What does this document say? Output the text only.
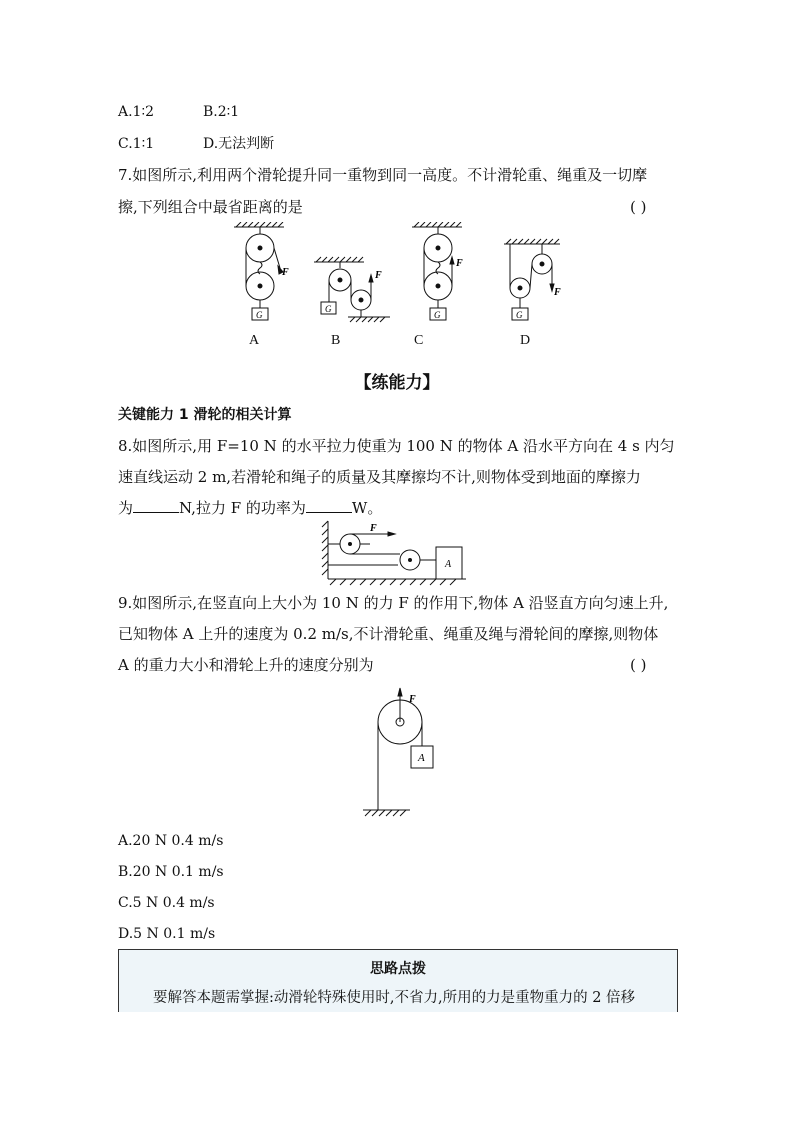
A.1∶2	B.2∶1
C.1∶1	D.无法判断
7.如图所示,利用两个滑轮提升同一重物到同一高度。不计滑轮重、绳重及一切摩
擦,下列组合中最省距离的是	( )
F
G
F
G
F
G
F
G
A	B	C	D
【练能力】
关键能力 1 滑轮的相关计算
8.如图所示,用 F=10 N 的水平拉力使重为 100 N 的物体 A 沿水平方向在 4 s 内匀
速直线运动 2 m,若滑轮和绳子的质量及其摩擦均不计,则物体受到地面的摩擦力
为	N,拉力 F 的功率为	W。
F
A
9.如图所示,在竖直向上大小为 10 N 的力 F 的作用下,物体 A 沿竖直方向匀速上升,
已知物体 A 上升的速度为 0.2 m/s,不计滑轮重、绳重及绳与滑轮间的摩擦,则物体
A 的重力大小和滑轮上升的速度分别为	( )
F
A
A.20 N 0.4 m/s
B.20 N 0.1 m/s
C.5 N 0.4 m/s
D.5 N 0.1 m/s
思路点拨
要解答本题需掌握:动滑轮特殊使用时,不省力,所用的力是重物重力的 2 倍移
